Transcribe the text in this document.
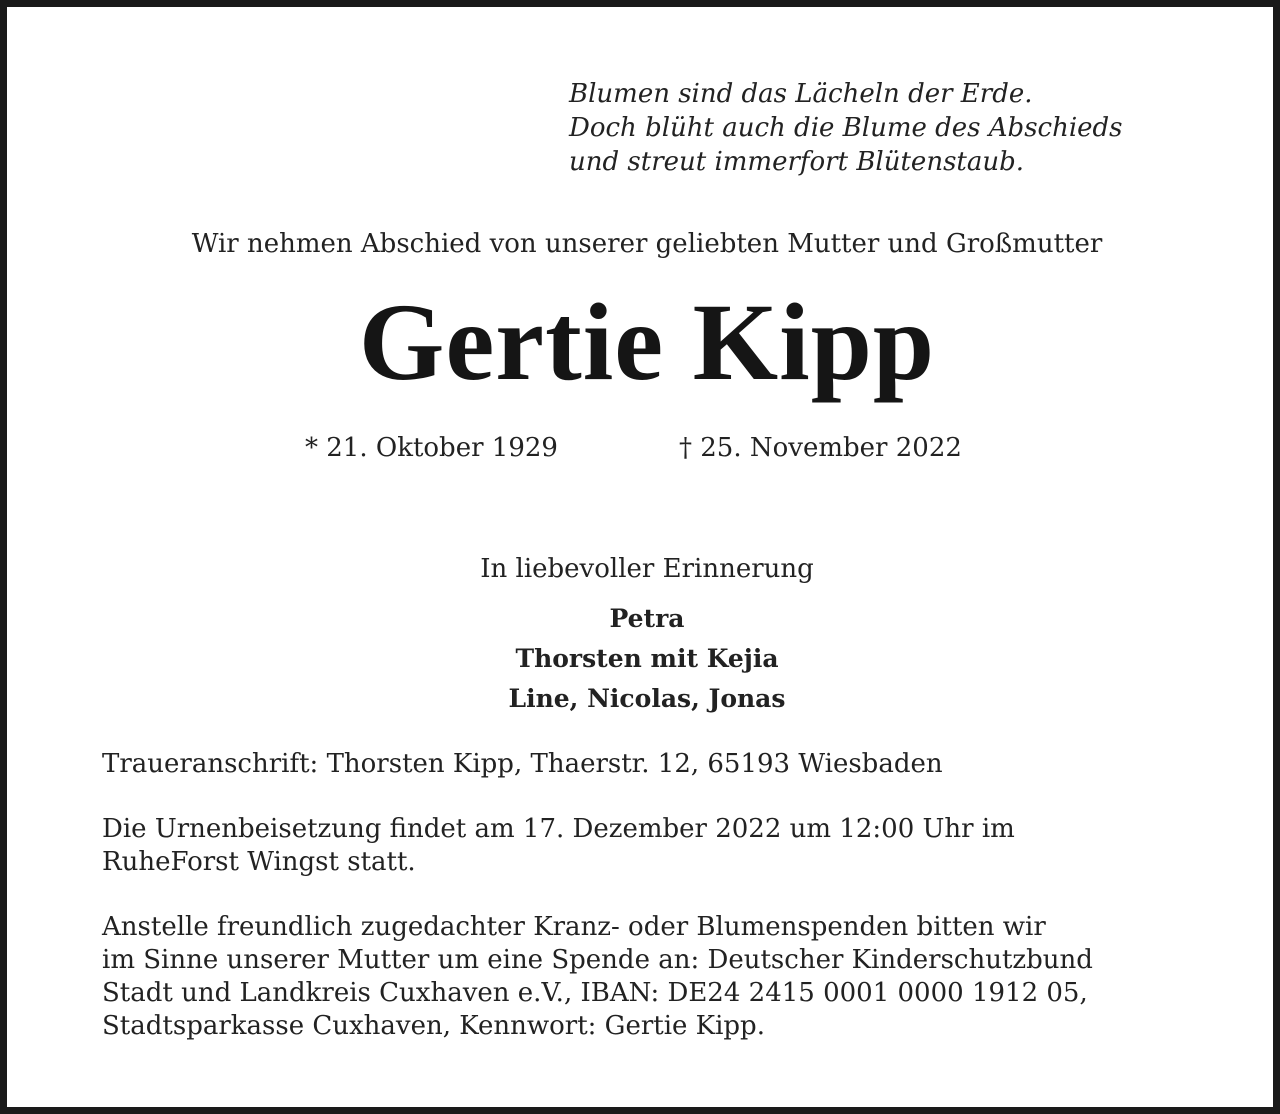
Blumen sind das Lächeln der Erde.
Doch blüht auch die Blume des Abschieds
und streut immerfort Blütenstaub.
Wir nehmen Abschied von unserer geliebten Mutter und Großmutter
Gertie Kipp
* 21. Oktober 1929	† 25. November 2022
In liebevoller Erinnerung
Petra
Thorsten mit Kejia
Line, Nicolas, Jonas
Traueranschrift: Thorsten Kipp, Thaerstr. 12, 65193 Wiesbaden
Die Urnenbeisetzung findet am 17. Dezember 2022 um 12:00 Uhr im
RuheForst Wingst statt.
Anstelle freundlich zugedachter Kranz- oder Blumenspenden bitten wir
im Sinne unserer Mutter um eine Spende an: Deutscher Kinderschutzbund
Stadt und Landkreis Cuxhaven e.V., IBAN: DE24 2415 0001 0000 1912 05,
Stadtsparkasse Cuxhaven, Kennwort: Gertie Kipp.
